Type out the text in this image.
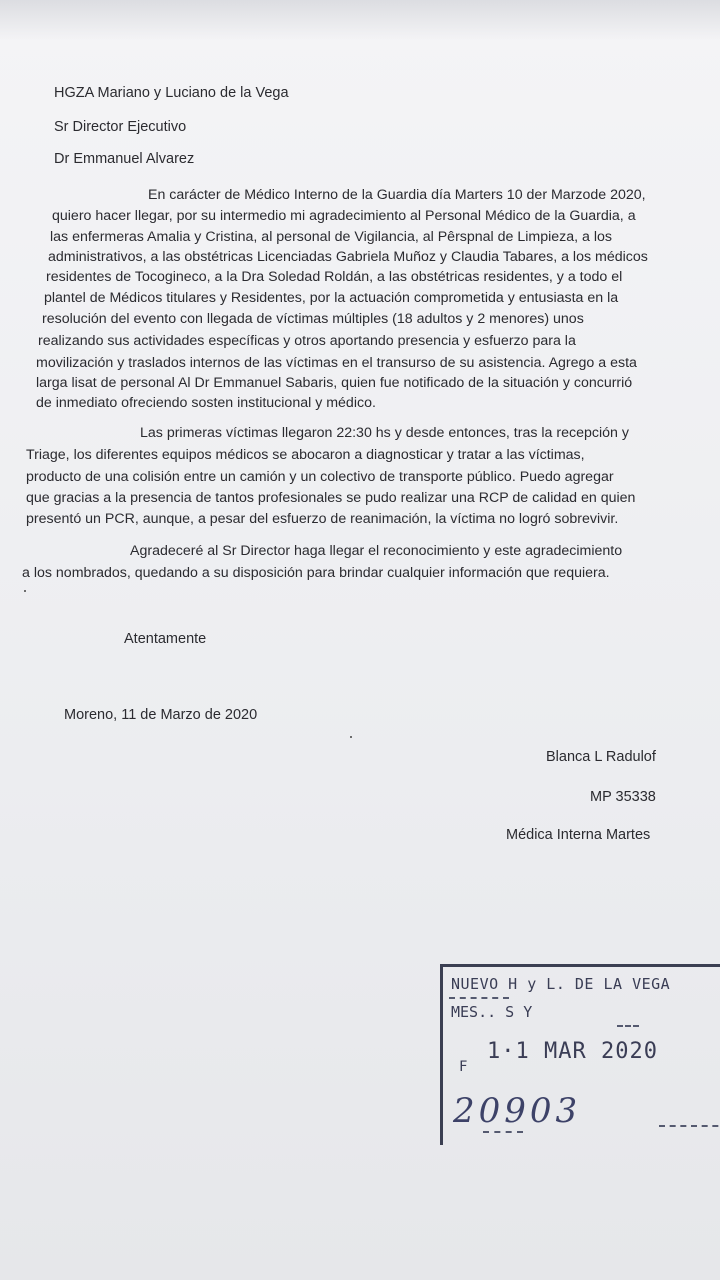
HGZA Mariano y Luciano de la Vega
Sr Director Ejecutivo
Dr Emmanuel Alvarez
En carácter de Médico Interno de la Guardia día Marters 10 der Marzode 2020,
quiero hacer llegar, por su intermedio mi agradecimiento al Personal Médico de la Guardia, a
las enfermeras Amalia y Cristina, al personal de Vigilancia, al Pêrspnal de Limpieza, a los
administrativos, a las obstétricas Licenciadas Gabriela Muñoz y Claudia Tabares, a los médicos
residentes de Tocogineco, a la Dra Soledad Roldán, a las obstétricas residentes, y a todo el
plantel de Médicos titulares y Residentes, por la actuación comprometida y entusiasta en la
resolución del evento con llegada de víctimas múltiples (18 adultos y 2 menores) unos
realizando sus actividades específicas y otros aportando presencia y esfuerzo para la
movilización y traslados internos de las víctimas en el transurso de su asistencia. Agrego a esta
larga lisat de personal Al Dr Emmanuel Sabaris, quien fue notificado de la situación y concurrió
de inmediato ofreciendo sosten institucional y médico.
Las primeras víctimas llegaron 22:30 hs y desde entonces, tras la recepción y
Triage, los diferentes equipos médicos se abocaron a diagnosticar y tratar a las víctimas,
producto de una colisión entre un camión y un colectivo de transporte público. Puedo agregar
que gracias a la presencia de tantos profesionales se pudo realizar una RCP de calidad en quien
presentó un PCR, aunque, a pesar del esfuerzo de reanimación, la víctima no logró sobrevivir.
Agradeceré al Sr Director haga llegar el reconocimiento y este agradecimiento
a los nombrados, quedando a su disposición para brindar cualquier información que requiera.
Atentamente
Moreno, 11 de Marzo de 2020
Blanca L Radulof
MP 35338
Médica Interna Martes
NUEVO H y L. DE LA VEGA
MES.. S Y
F
1·1 MAR 2020
20903
